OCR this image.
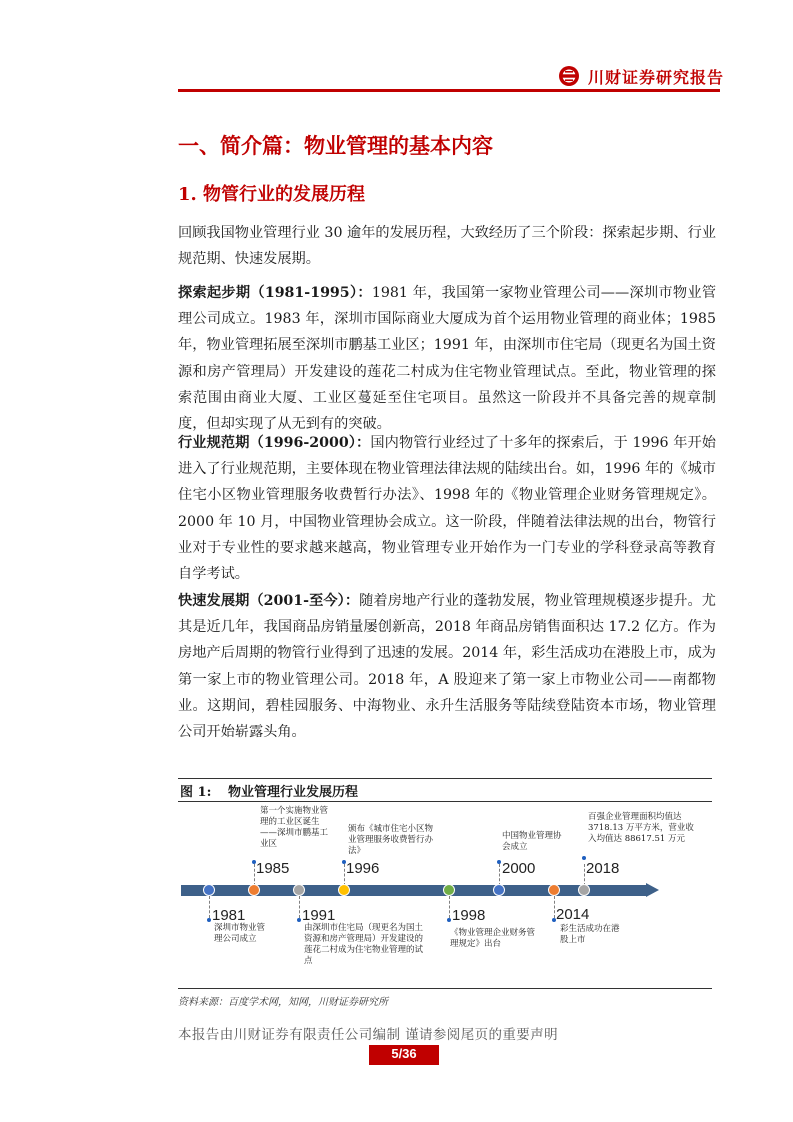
川财证券研究报告
一、简介篇：物业管理的基本内容
1. 物管行业的发展历程
回顾我国物业管理行业 30 逾年的发展历程，大致经历了三个阶段：探索起步期、行业规范期、快速发展期。
探索起步期（1981-1995）：1981 年，我国第一家物业管理公司——深圳市物业管理公司成立。1983 年，深圳市国际商业大厦成为首个运用物业管理的商业体；1985 年，物业管理拓展至深圳市鹏基工业区；1991 年，由深圳市住宅局（现更名为国土资源和房产管理局）开发建设的莲花二村成为住宅物业管理试点。至此，物业管理的探索范围由商业大厦、工业区蔓延至住宅项目。虽然这一阶段并不具备完善的规章制度，但却实现了从无到有的突破。
行业规范期（1996-2000）：国内物管行业经过了十多年的探索后，于 1996 年开始进入了行业规范期，主要体现在物业管理法律法规的陆续出台。如，1996 年的《城市住宅小区物业管理服务收费暂行办法》、1998 年的《物业管理企业财务管理规定》。2000 年 10 月，中国物业管理协会成立。这一阶段，伴随着法律法规的出台，物管行业对于专业性的要求越来越高，物业管理专业开始作为一门专业的学科登录高等教育自学考试。
快速发展期（2001-至今）：随着房地产行业的蓬勃发展，物业管理规模逐步提升。尤其是近几年，我国商品房销量屡创新高，2018 年商品房销售面积达 17.2 亿方。作为房地产后周期的物管行业得到了迅速的发展。2014 年，彩生活成功在港股上市，成为第一家上市的物业管理公司。2018 年，A 股迎来了第一家上市物业公司——南都物业。这期间，碧桂园服务、中海物业、永升生活服务等陆续登陆资本市场，物业管理公司开始崭露头角。
图 1: 物业管理行业发展历程
1981
深圳市物业管理公司成立
1985
第一个实施物业管理的工业区诞生——深圳市鹏基工业区
1991
由深圳市住宅局（现更名为国土资源和房产管理局）开发建设的莲花二村成为住宅物业管理的试点
1996
颁布《城市住宅小区物业管理服务收费暂行办法》
1998
《物业管理企业财务管理规定》出台
2000
中国物业管理协会成立
2014
彩生活成功在港股上市
2018
百强企业管理面积均值达 3718.13 万平方米，营业收入均值达 88617.51 万元
资料来源：百度学术网，知网，川财证券研究所
本报告由川财证券有限责任公司编制 谨请参阅尾页的重要声明
5/36
